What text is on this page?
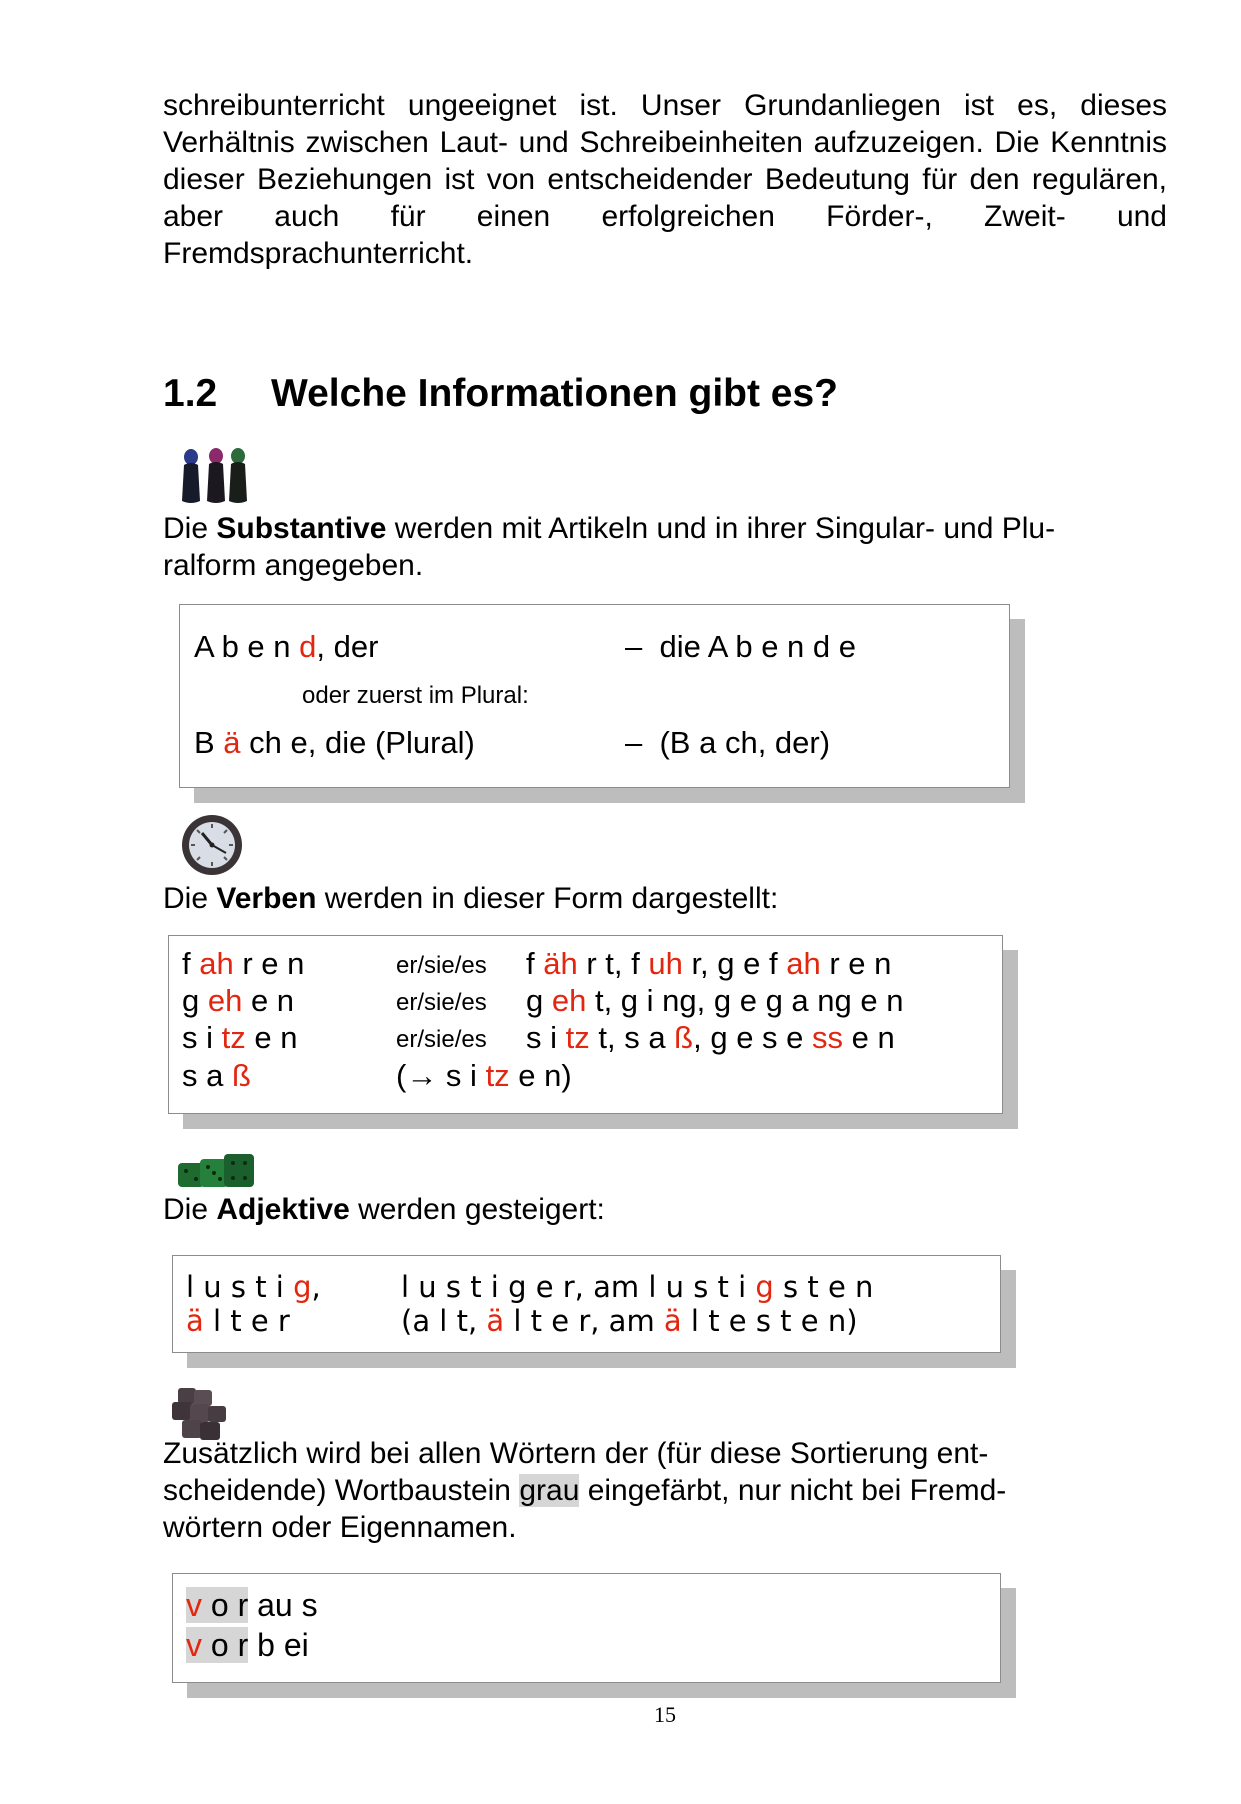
schreibunterricht ungeeignet ist. Unser Grundanliegen ist es, dieses Verhältnis zwischen Laut- und Schreibeinheiten aufzuzeigen. Die Kenntnis dieser Beziehungen ist von entscheidender Bedeutung für den regulären, aber auch für einen erfolgreichen Förder-, Zweit- und Fremdsprachunterricht.
1.2 Welche Informationen gibt es?
Die Substantive werden mit Artikeln und in ihrer Singular- und Plu-
ralform angegeben.
A b e n d, der	– die A b e n d e
oder zuerst im Plural:
B ä ch e, die (Plural)	– (B a ch, der)
Die Verben werden in dieser Form dargestellt:
f ah r e n	er/sie/es f äh r t, f uh r, g e f ah r e n
g eh e n	er/sie/es g eh t, g i ng, g e g a ng e n
s i tz e n	er/sie/es s i tz t, s a ß, g e s e ss e n
s a ß	(→ s i tz e n)
Die Adjektive werden gesteigert:
l u s t i g,	l u s t i g e r, am l u s t i g s t e n
ä l t e r	(a l t, ä l t e r, am ä l t e s t e n)
Zusätzlich wird bei allen Wörtern der (für diese Sortierung ent-
scheidende) Wortbaustein grau eingefärbt, nur nicht bei Fremd-
wörtern oder Eigennamen.
v o r au s
v o r b ei
15
